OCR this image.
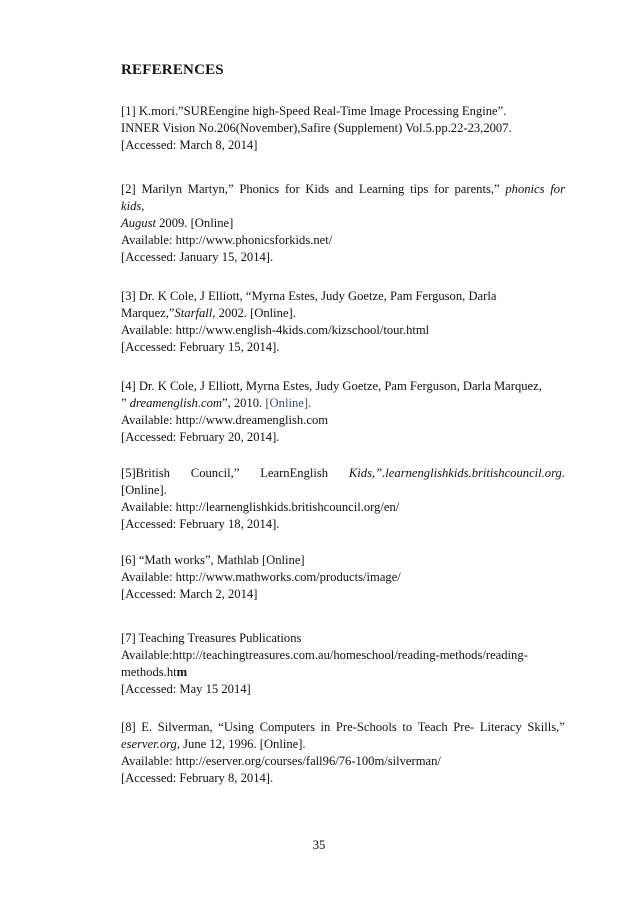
REFERENCES
[1] K.mori.”SUREengine high-Speed Real-Time Image Processing Engine”.
INNER Vision No.206(November),Safire (Supplement) Vol.5.pp.22-23,2007.
[Accessed: March 8, 2014]
[2] Marilyn Martyn,” Phonics for Kids and Learning tips for parents,” phonics for
kids,
August 2009. [Online]
Available: http://www.phonicsforkids.net/
[Accessed: January 15, 2014].
[3] Dr. K Cole, J Elliott, “Myrna Estes, Judy Goetze, Pam Ferguson, Darla
Marquez,”Starfall, 2002. [Online].
Available: http://www.english-4kids.com/kizschool/tour.html
[Accessed: February 15, 2014].
[4] Dr. K Cole, J Elliott, Myrna Estes, Judy Goetze, Pam Ferguson, Darla Marquez,
” dreamenglish.com”, 2010. [Online].
Available: http://www.dreamenglish.com
[Accessed: February 20, 2014].
[5]British Council,” LearnEnglish Kids,”.learnenglishkids.britishcouncil.org.
[Online].
Available: http://learnenglishkids.britishcouncil.org/en/
[Accessed: February 18, 2014].
[6] “Math works”, Mathlab [Online]
Available: http://www.mathworks.com/products/image/
[Accessed: March 2, 2014]
[7] Teaching Treasures Publications
Available:http://teachingtreasures.com.au/homeschool/reading-methods/reading-
methods.htm
[Accessed: May 15 2014]
[8] E. Silverman, “Using Computers in Pre-Schools to Teach Pre- Literacy Skills,”
eserver.org, June 12, 1996. [Online].
Available: http://eserver.org/courses/fall96/76-100m/silverman/
[Accessed: February 8, 2014].
35
